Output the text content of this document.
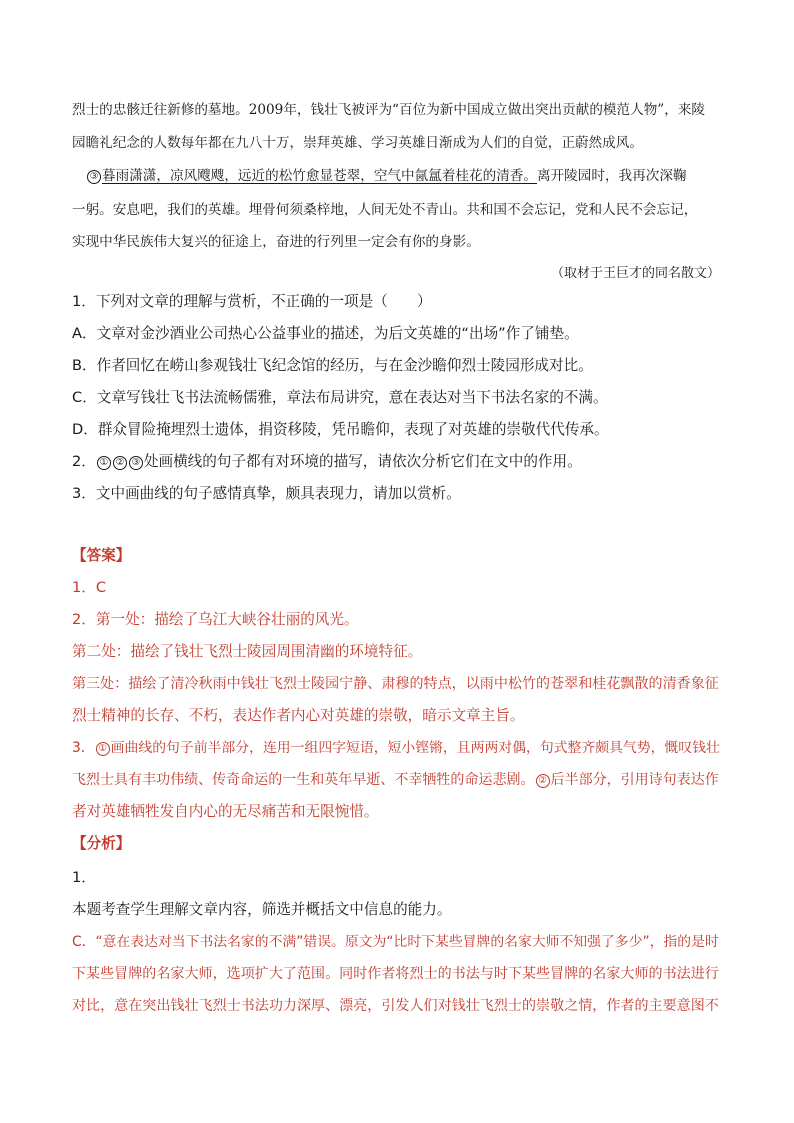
烈士的忠骸迁往新修的墓地。2009年，钱壮飞被评为“百位为新中国成立做出突出贡献的模范人物”，来陵
园瞻礼纪念的人数每年都在九八十万，崇拜英雄、学习英雄日渐成为人们的自觉，正蔚然成风。
③ 暮雨潇潇，凉风飕飕，远近的松竹愈显苍翠，空气中氤氲着桂花的清香。离开陵园时，我再次深鞠
一躬。安息吧，我们的英雄。埋骨何须桑梓地，人间无处不青山。共和国不会忘记，党和人民不会忘记，
实现中华民族伟大复兴的征途上，奋进的行列里一定会有你的身影。
（取材于王巨才的同名散文）
1．下列对文章的理解与赏析，不正确的一项是（　　）
A．文章对金沙酒业公司热心公益事业的描述，为后文英雄的“出场”作了铺垫。
B．作者回忆在崂山参观钱壮飞纪念馆的经历，与在金沙瞻仰烈士陵园形成对比。
C．文章写钱壮飞书法流畅儒雅，章法布局讲究，意在表达对当下书法名家的不满。
D．群众冒险掩埋烈士遗体，捐资移陵，凭吊瞻仰，表现了对英雄的崇敬代代传承。
2． ① ② ③ 处画横线的句子都有对环境的描写，请依次分析它们在文中的作用。
3．文中画曲线的句子感情真挚，颇具表现力，请加以赏析。
【答案】
1．C
2．第一处：描绘了乌江大峡谷壮丽的风光。
第二处：描绘了钱壮飞烈士陵园周围清幽的环境特征。
第三处：描绘了清冷秋雨中钱壮飞烈士陵园宁静、肃穆的特点，以雨中松竹的苍翠和桂花飘散的清香象征
烈士精神的长存、不朽，表达作者内心对英雄的崇敬，暗示文章主旨。
3． ① 画曲线的句子前半部分，连用一组四字短语，短小铿锵，且两两对偶，句式整齐颇具气势，慨叹钱壮
飞烈士具有丰功伟绩、传奇命运的一生和英年早逝、不幸牺牲的命运悲剧。 ② 后半部分，引用诗句表达作
者对英雄牺牲发自内心的无尽痛苦和无限惋惜。
【分析】
1．
本题考查学生理解文章内容，筛选并概括文中信息的能力。
C．“意在表达对当下书法名家的不满”错误。原文为“比时下某些冒牌的名家大师不知强了多少”，指的是时
下某些冒牌的名家大师，选项扩大了范围。同时作者将烈士的书法与时下某些冒牌的名家大师的书法进行
对比，意在突出钱壮飞烈士书法功力深厚、漂亮，引发人们对钱壮飞烈士的崇敬之情，作者的主要意图不
